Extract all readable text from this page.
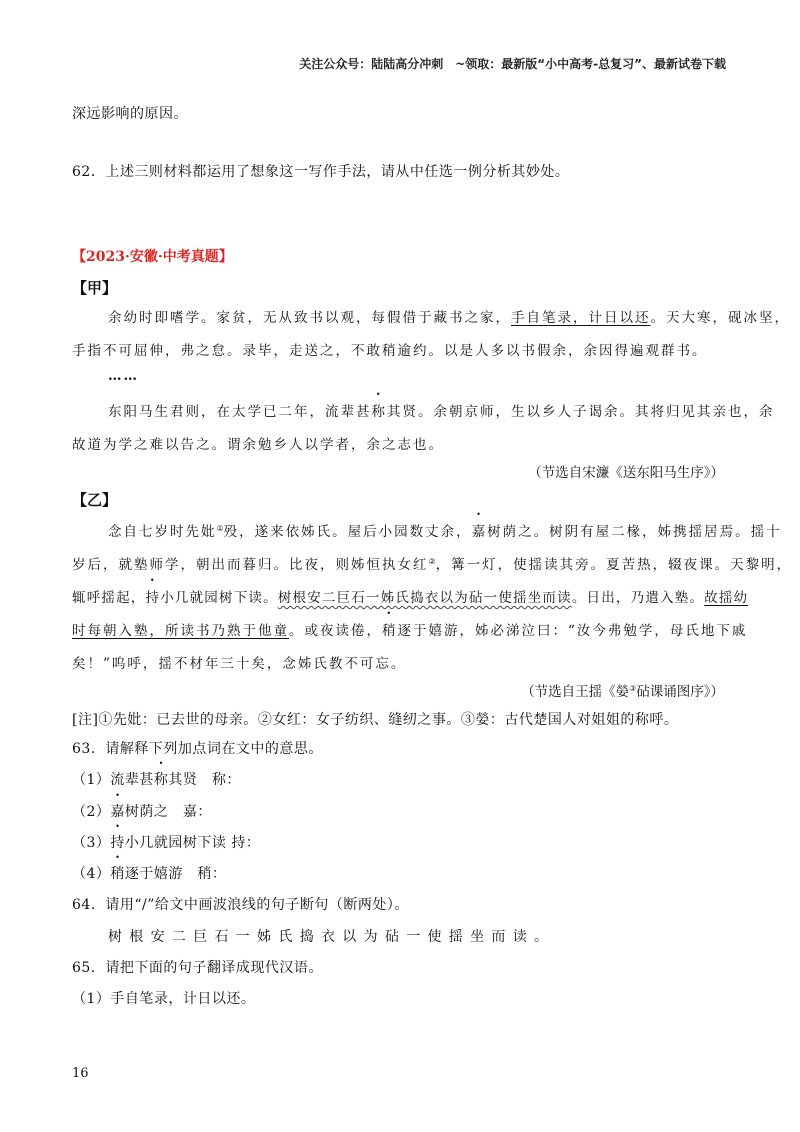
关注公众号：陆陆高分冲刺　~领取：最新版“小中高考-总复习”、最新试卷下载
深远影响的原因。
62．上述三则材料都运用了想象这一写作手法，请从中任选一例分析其妙处。
【2023·安徽·中考真题】
【甲】
余幼时即嗜学。家贫，无从致书以观，每假借于藏书之家，手自笔录，计日以还。天大寒，砚冰坚，
手指不可屈伸，弗之怠。录毕，走送之，不敢稍逾约。以是人多以书假余，余因得遍观群书。
……
东阳马生君则，在太学已二年，流辈甚称其贤。余朝京师，生以乡人子谒余。其将归见其亲也，余
故道为学之难以告之。谓余勉乡人以学者，余之志也。
（节选自宋濂《送东阳马生序》）
【乙】
念自七岁时先妣①殁，遂来依姊氏。屋后小园数丈余，嘉树荫之。树阴有屋二椽，姊携揺居焉。揺十
岁后，就塾师学，朝出而暮归。比夜，则姊恒执女红②，篝一灯，使揺读其旁。夏苦热，辍夜课。天黎明，
辄呼揺起，持小几就园树下读。树根安二巨石一姊氏捣衣以为砧一使揺坐而读。日出，乃遣入塾。故揺幼
时每朝入塾，所读书乃熟于他童。或夜读倦，稍逐于嬉游，姊必涕泣曰：“汝今弗勉学，母氏地下戚
矣！”呜呼，揺不材年三十矣，念姊氏教不可忘。
（节选自王揺《嫈③砧课诵图序》）
[注]①先妣：已去世的母亲。②女红：女子纺织、缝纫之事。③嫈：古代楚国人对姐姐的称呼。
63．请解释下列加点词在文中的意思。
（1）流辈甚称其贤　称：
（2）嘉树荫之　嘉：
（3）持小几就园树下读 持：
（4）稍逐于嬉游　稍：
64．请用“/”给文中画波浪线的句子断句（断两处）。
树根安二巨石一姊氏捣衣以为砧一使揺坐而读。
65．请把下面的句子翻译成现代汉语。
（1）手自笔录，计日以还。
16
